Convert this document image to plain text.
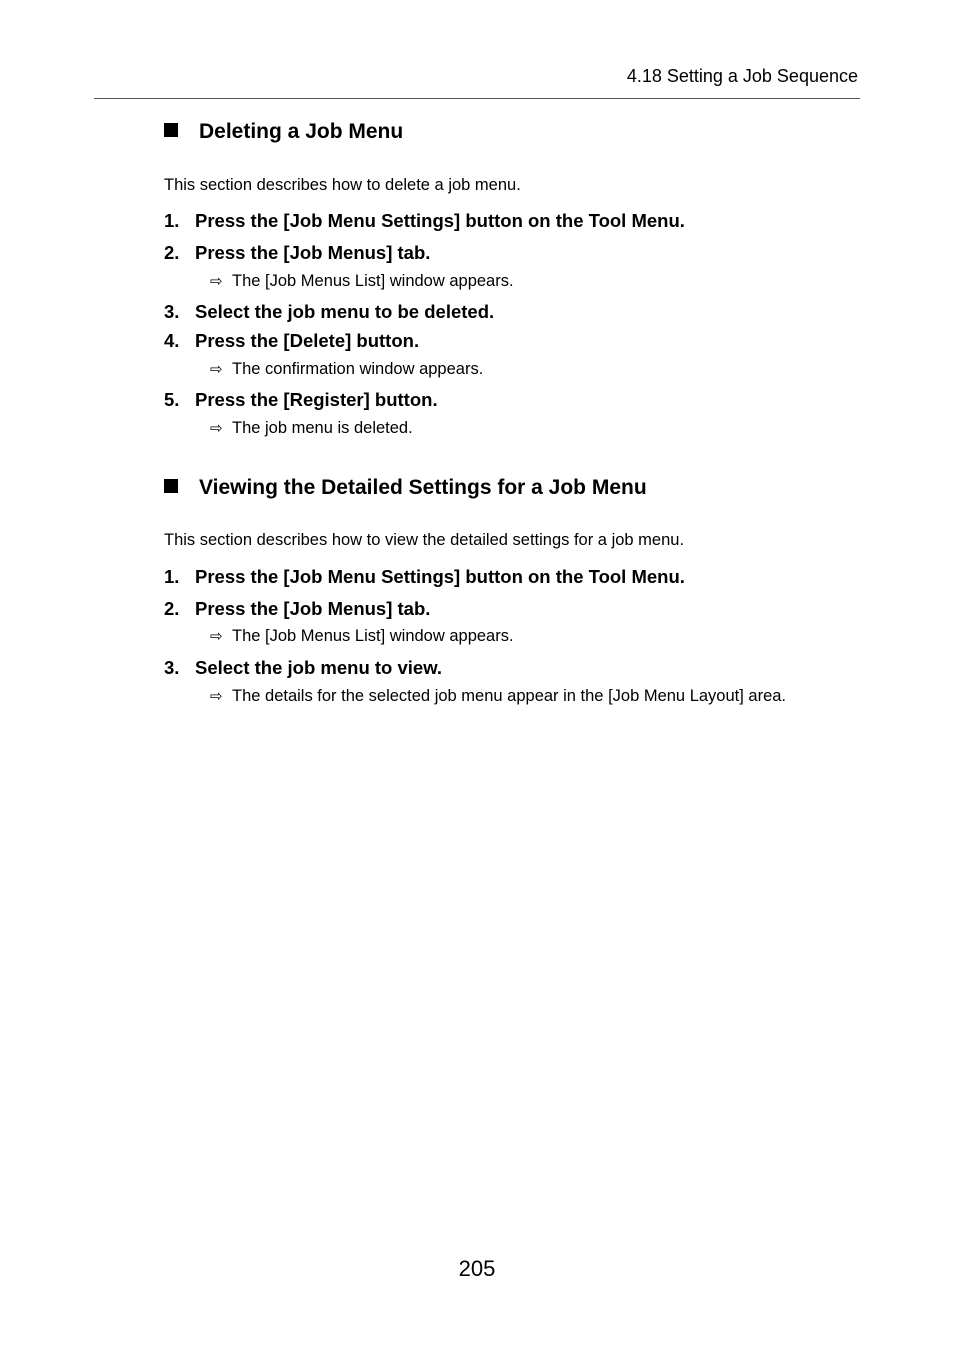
4.18 Setting a Job Sequence
Deleting a Job Menu
This section describes how to delete a job menu.
1. Press the [Job Menu Settings] button on the Tool Menu.
2. Press the [Job Menus] tab.
⇨ The [Job Menus List] window appears.
3. Select the job menu to be deleted.
4. Press the [Delete] button.
⇨ The confirmation window appears.
5. Press the [Register] button.
⇨ The job menu is deleted.
Viewing the Detailed Settings for a Job Menu
This section describes how to view the detailed settings for a job menu.
1. Press the [Job Menu Settings] button on the Tool Menu.
2. Press the [Job Menus] tab.
⇨ The [Job Menus List] window appears.
3. Select the job menu to view.
⇨ The details for the selected job menu appear in the [Job Menu Layout] area.
205
